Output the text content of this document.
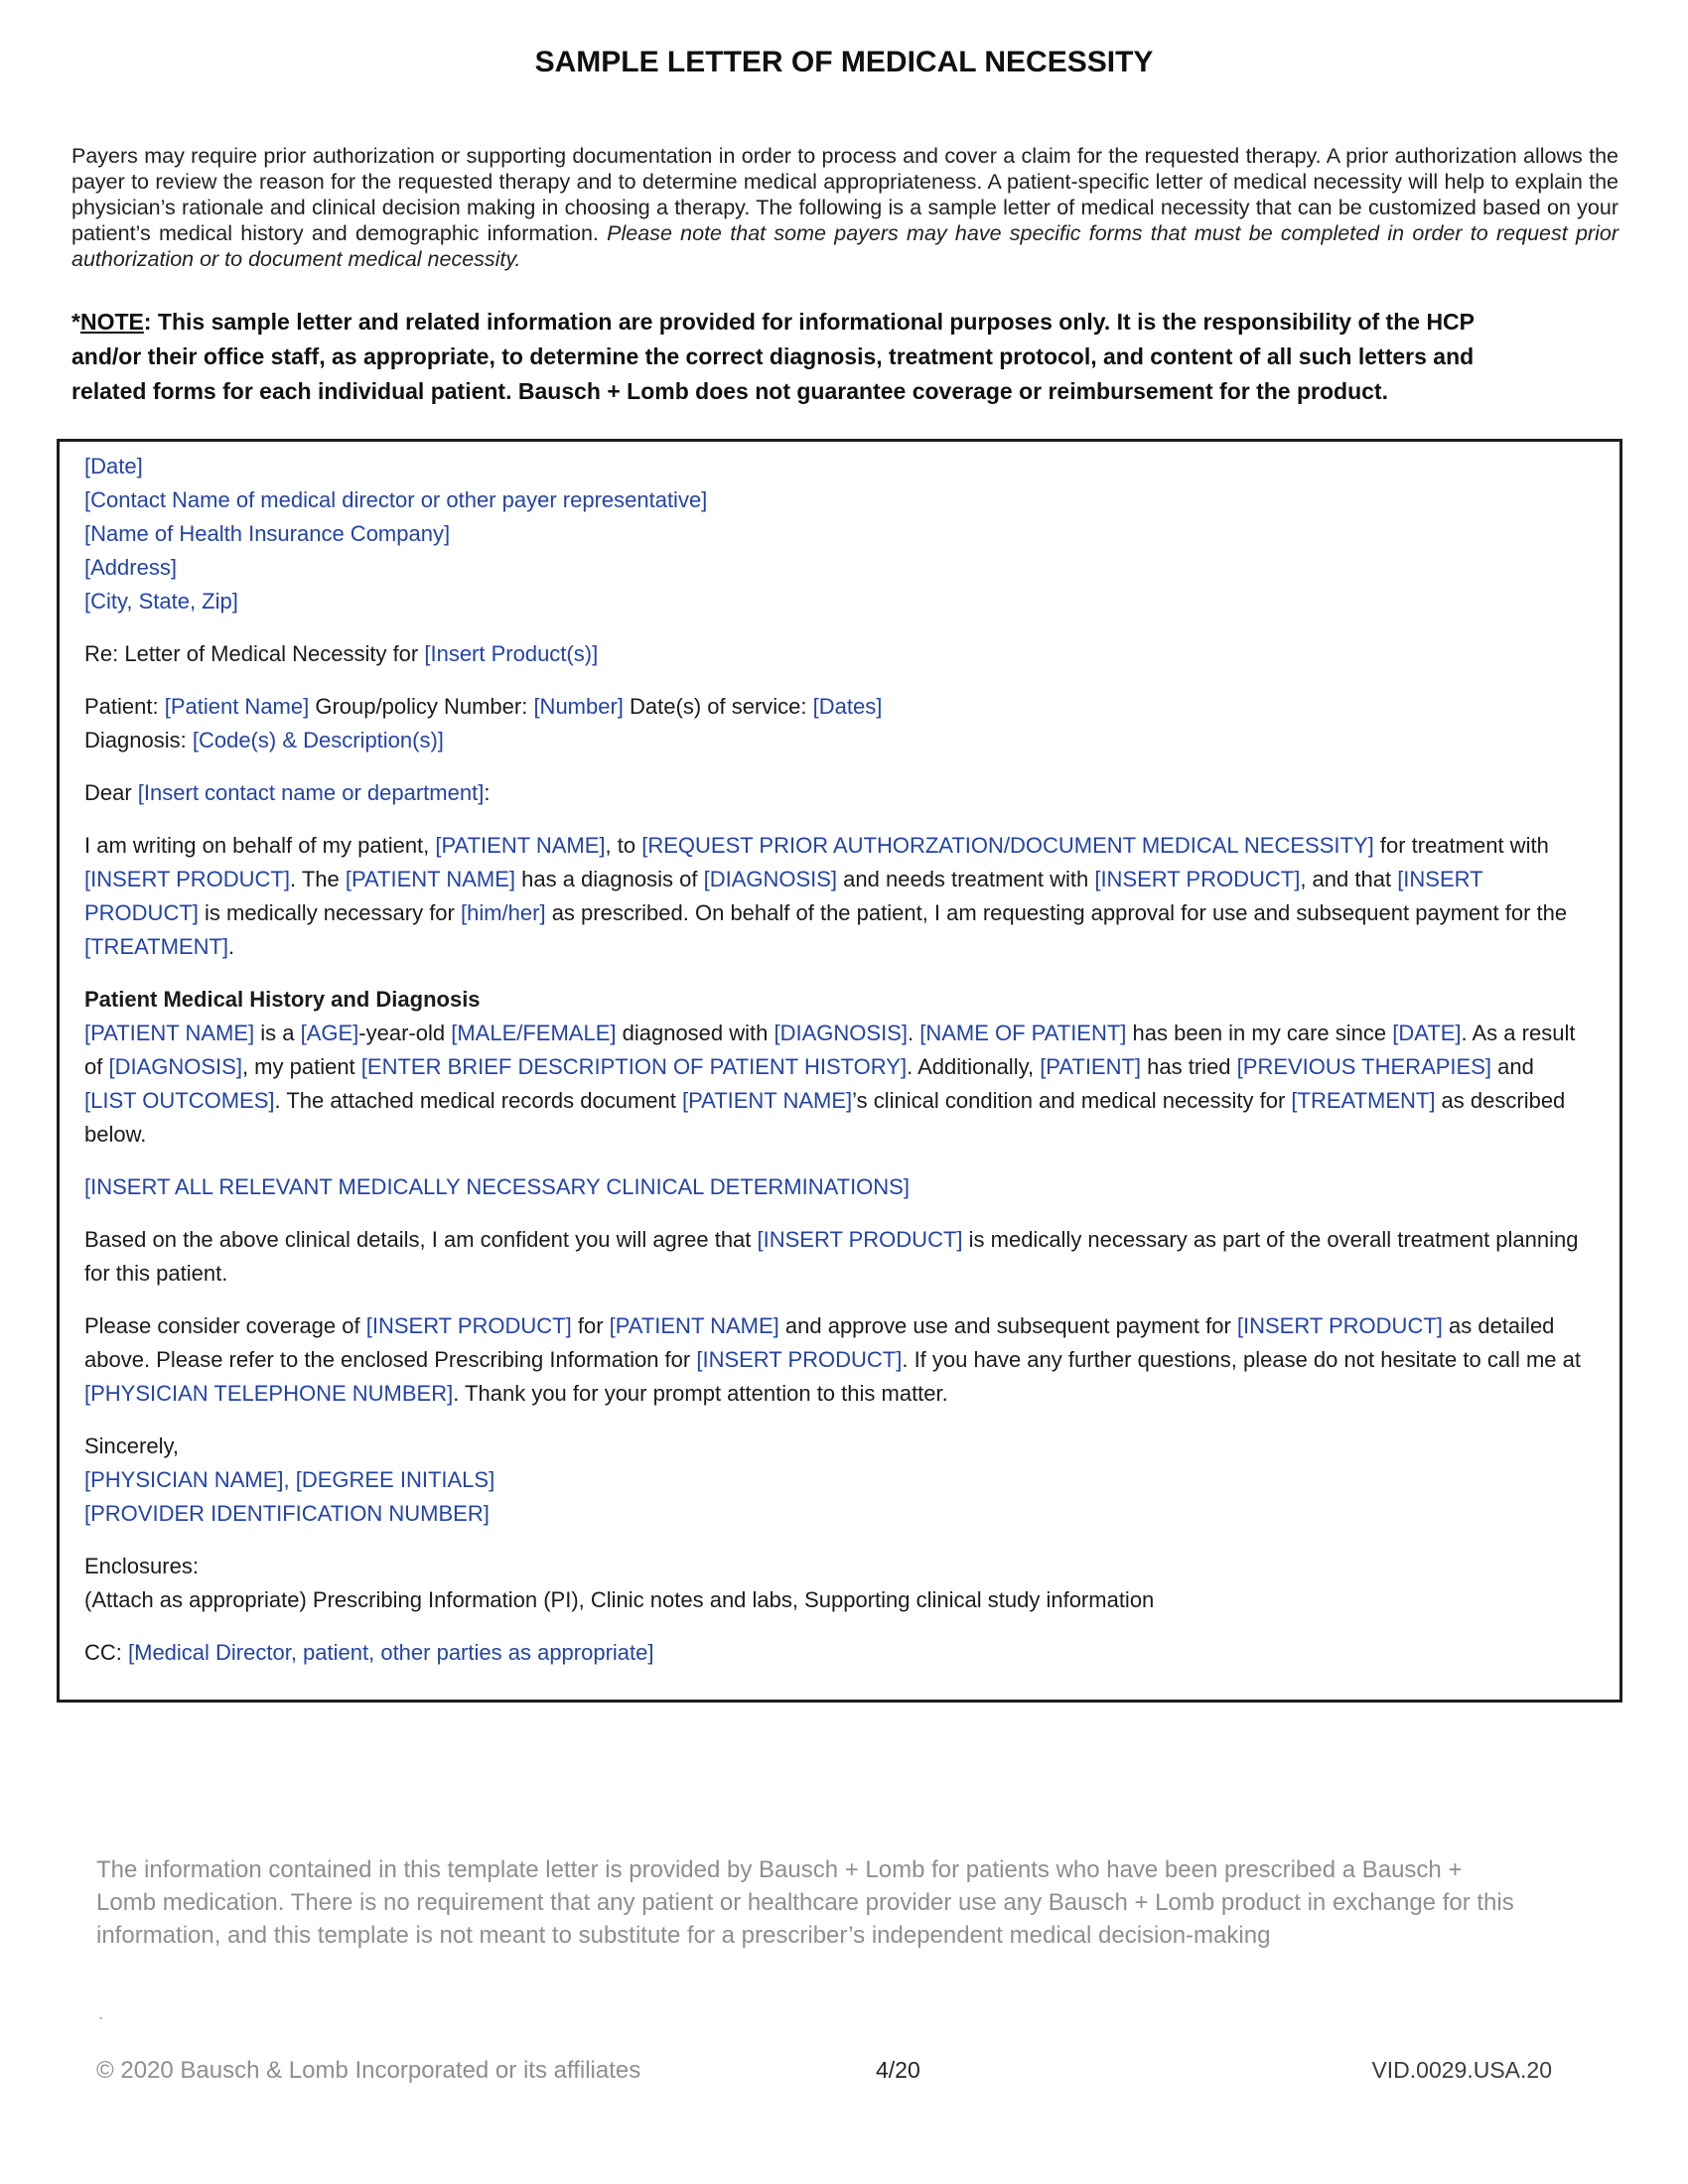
SAMPLE LETTER OF MEDICAL NECESSITY

Payers may require prior authorization or supporting documentation in order to process and cover a claim for the requested therapy. A prior authorization allows the payer to review the reason for the requested therapy and to determine medical appropriateness. A patient-specific letter of medical necessity will help to explain the physician’s rationale and clinical decision making in choosing a therapy. The following is a sample letter of medical necessity that can be customized based on your patient’s medical history and demographic information. Please note that some payers may have specific forms that must be completed in order to request prior authorization or to document medical necessity.

*NOTE: This sample letter and related information are provided for informational purposes only. It is the responsibility of the HCP and/or their office staff, as appropriate, to determine the correct diagnosis, treatment protocol, and content of all such letters and related forms for each individual patient. Bausch + Lomb does not guarantee coverage or reimbursement for the product.

[Date]
[Contact Name of medical director or other payer representative]
[Name of Health Insurance Company]
[Address]
[City, State, Zip]
Re: Letter of Medical Necessity for [Insert Product(s)]
Patient: [Patient Name] Group/policy Number: [Number] Date(s) of service: [Dates]
Diagnosis: [Code(s) & Description(s)]
Dear [Insert contact name or department]:
I am writing on behalf of my patient, [PATIENT NAME], to [REQUEST PRIOR AUTHORZATION/DOCUMENT MEDICAL NECESSITY] for treatment with [INSERT PRODUCT]. The [PATIENT NAME] has a diagnosis of [DIAGNOSIS] and needs treatment with [INSERT PRODUCT], and that [INSERT PRODUCT] is medically necessary for [him/her] as prescribed. On behalf of the patient, I am requesting approval for use and subsequent payment for the [TREATMENT].
Patient Medical History and Diagnosis
[PATIENT NAME] is a [AGE]-year-old [MALE/FEMALE] diagnosed with [DIAGNOSIS]. [NAME OF PATIENT] has been in my care since [DATE]. As a result of [DIAGNOSIS], my patient [ENTER BRIEF DESCRIPTION OF PATIENT HISTORY]. Additionally, [PATIENT] has tried [PREVIOUS THERAPIES] and [LIST OUTCOMES]. The attached medical records document [PATIENT NAME]’s clinical condition and medical necessity for [TREATMENT] as described below.
[INSERT ALL RELEVANT MEDICALLY NECESSARY CLINICAL DETERMINATIONS]
Based on the above clinical details, I am confident you will agree that [INSERT PRODUCT] is medically necessary as part of the overall treatment planning for this patient.
Please consider coverage of [INSERT PRODUCT] for [PATIENT NAME] and approve use and subsequent payment for [INSERT PRODUCT] as detailed above. Please refer to the enclosed Prescribing Information for [INSERT PRODUCT]. If you have any further questions, please do not hesitate to call me at [PHYSICIAN TELEPHONE NUMBER]. Thank you for your prompt attention to this matter.
Sincerely,
[PHYSICIAN NAME], [DEGREE INITIALS]
[PROVIDER IDENTIFICATION NUMBER]
Enclosures:
(Attach as appropriate) Prescribing Information (PI), Clinic notes and labs, Supporting clinical study information
CC: [Medical Director, patient, other parties as appropriate]

The information contained in this template letter is provided by Bausch + Lomb for patients who have been prescribed a Bausch + Lomb medication. There is no requirement that any patient or healthcare provider use any Bausch + Lomb product in exchange for this information, and this template is not meant to substitute for a prescriber’s independent medical decision-making

.
© 2020 Bausch & Lomb Incorporated or its affiliates	4/20	VID.0029.USA.20
